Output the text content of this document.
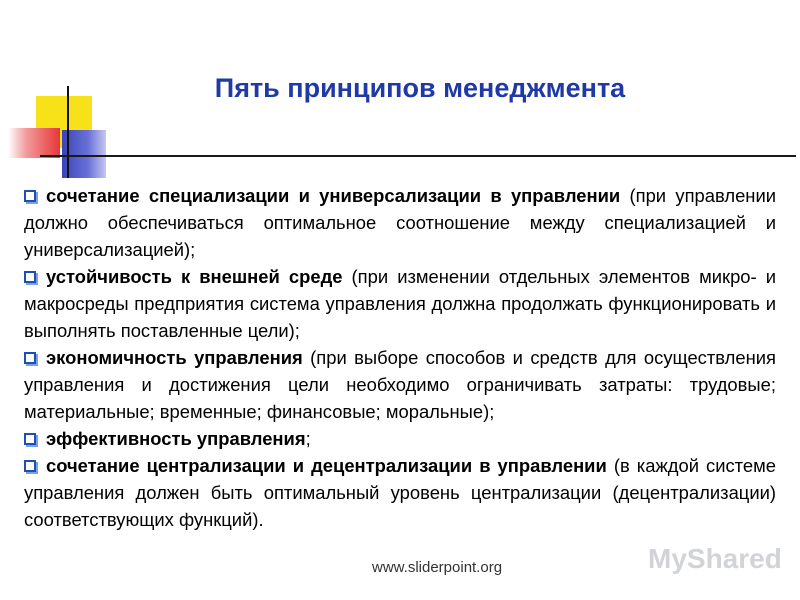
Пять принципов менеджмента
сочетание специализации и универсализации в управлении (при управлении должно обеспечиваться оптимальное соотношение между специализацией и универсализацией);
устойчивость к внешней среде (при изменении отдельных элементов микро- и макросреды предприятия система управления должна продолжать функционировать и выполнять поставленные цели);
экономичность управления (при выборе способов и средств для осуществления управления и достижения цели необходимо ограничивать затраты: трудовые; материальные; временные; финансовые; моральные);
эффективность управления;
сочетание централизации и децентрализации в управлении (в каждой системе управления должен быть оптимальный уровень централизации (децентрализации) соответствующих функций).
MyShared
www.sliderpoint.org
